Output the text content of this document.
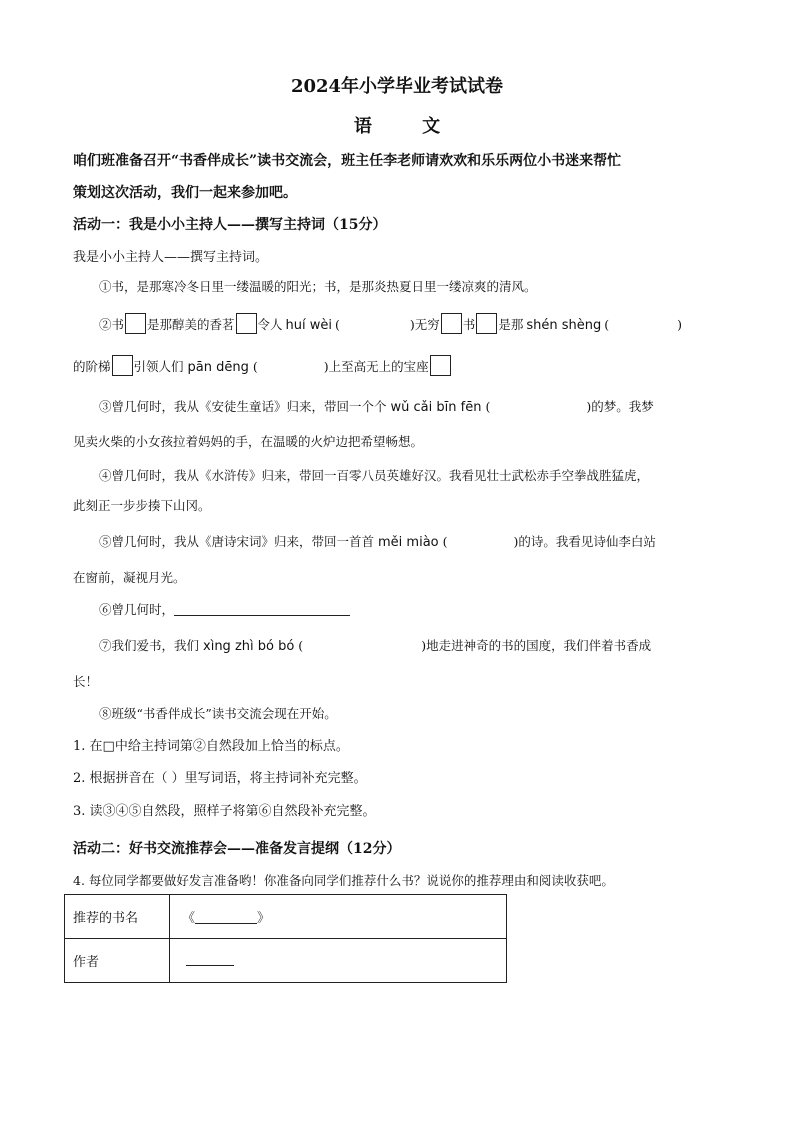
2024年小学毕业考试试卷
语 文
咱们班准备召开“书香伴成长”读书交流会，班主任李老师请欢欢和乐乐两位小书迷来帮忙
策划这次活动，我们一起来参加吧。
活动一：我是小小主持人——撰写主持词（15分）
我是小小主持人——撰写主持词。
①书，是那寒冷冬日里一缕温暖的阳光；书，是那炎热夏日里一缕凉爽的清风。
②书 是那醇美的香茗 令人 huí wèi (	)无穷 书 是那 shén shèng (	)
的阶梯 引领人们 pān dēng (	)上至高无上的宝座
③曾几何时，我从《安徒生童话》归来，带回一个个 wǔ cǎi bīn fēn (	)的梦。我梦
见卖火柴的小女孩拉着妈妈的手，在温暖的火炉边把希望畅想。
④曾几何时，我从《水浒传》归来，带回一百零八员英雄好汉。我看见壮士武松赤手空拳战胜猛虎，
此刻正一步步揍下山冈。
⑤曾几何时，我从《唐诗宋词》归来，带回一首首 měi miào (	)的诗。我看见诗仙李白站
在窗前，凝视月光。
⑥曾几何时，
⑦我们爱书，我们 xìng zhì bó bó (	)地走进神奇的书的国度，我们伴着书香成
长！
⑧班级“书香伴成长”读书交流会现在开始。
1. 在□中给主持词第②自然段加上恰当的标点。
2. 根据拼音在（ ）里写词语，将主持词补充完整。
3. 读③④⑤自然段，照样子将第⑥自然段补充完整。
活动二：好书交流推荐会——准备发言提纲（12分）
4. 每位同学都要做好发言准备哟！你准备向同学们推荐什么书？说说你的推荐理由和阅读收获吧。
推荐的书名	《 》
作者	
